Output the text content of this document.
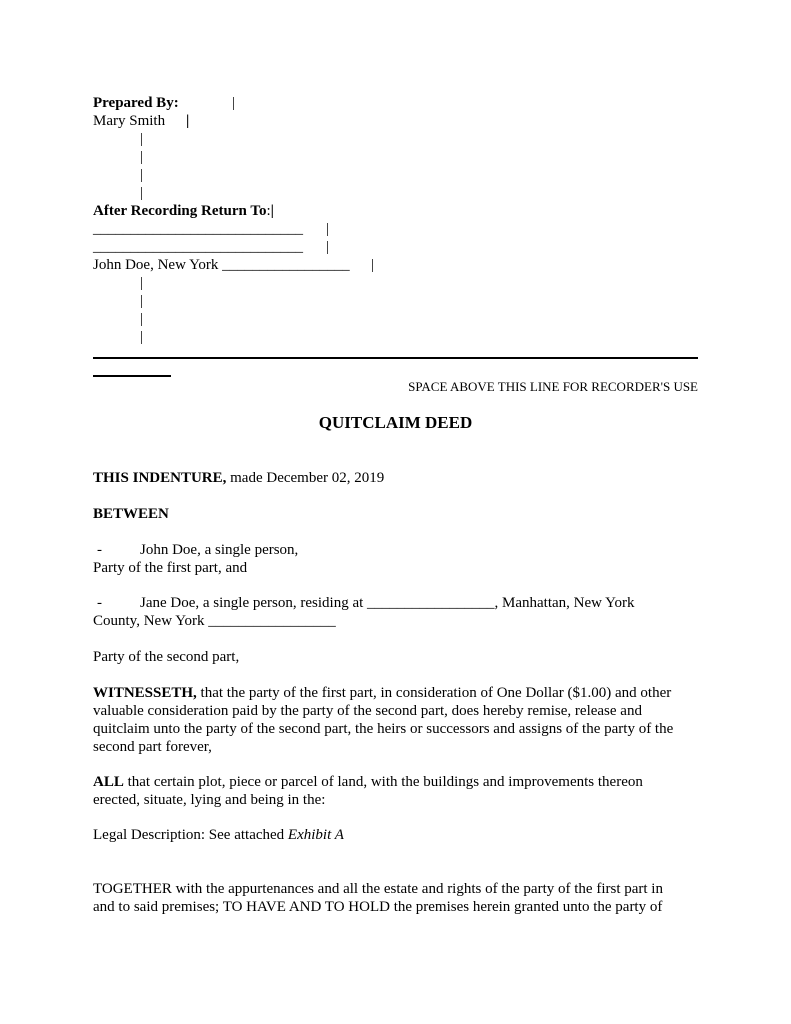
Prepared By:	|
Mary Smith |
|
|
|
|
After Recording Return To:|
____________________________ |
____________________________ |
John Doe, New York _________________ |
|
|
|
|
SPACE ABOVE THIS LINE FOR RECORDER'S USE
QUITCLAIM DEED
THIS INDENTURE, made December 02, 2019
BETWEEN
-	John Doe, a single person,
Party of the first part, and
-	Jane Doe, a single person, residing at _________________, Manhattan, New York
County, New York _________________
Party of the second part,
WITNESSETH, that the party of the first part, in consideration of One Dollar ($1.00) and other
valuable consideration paid by the party of the second part, does hereby remise, release and
quitclaim unto the party of the second part, the heirs or successors and assigns of the party of the
second part forever,
ALL that certain plot, piece or parcel of land, with the buildings and improvements thereon
erected, situate, lying and being in the:
Legal Description: See attached Exhibit A
TOGETHER with the appurtenances and all the estate and rights of the party of the first part in
and to said premises; TO HAVE AND TO HOLD the premises herein granted unto the party of
